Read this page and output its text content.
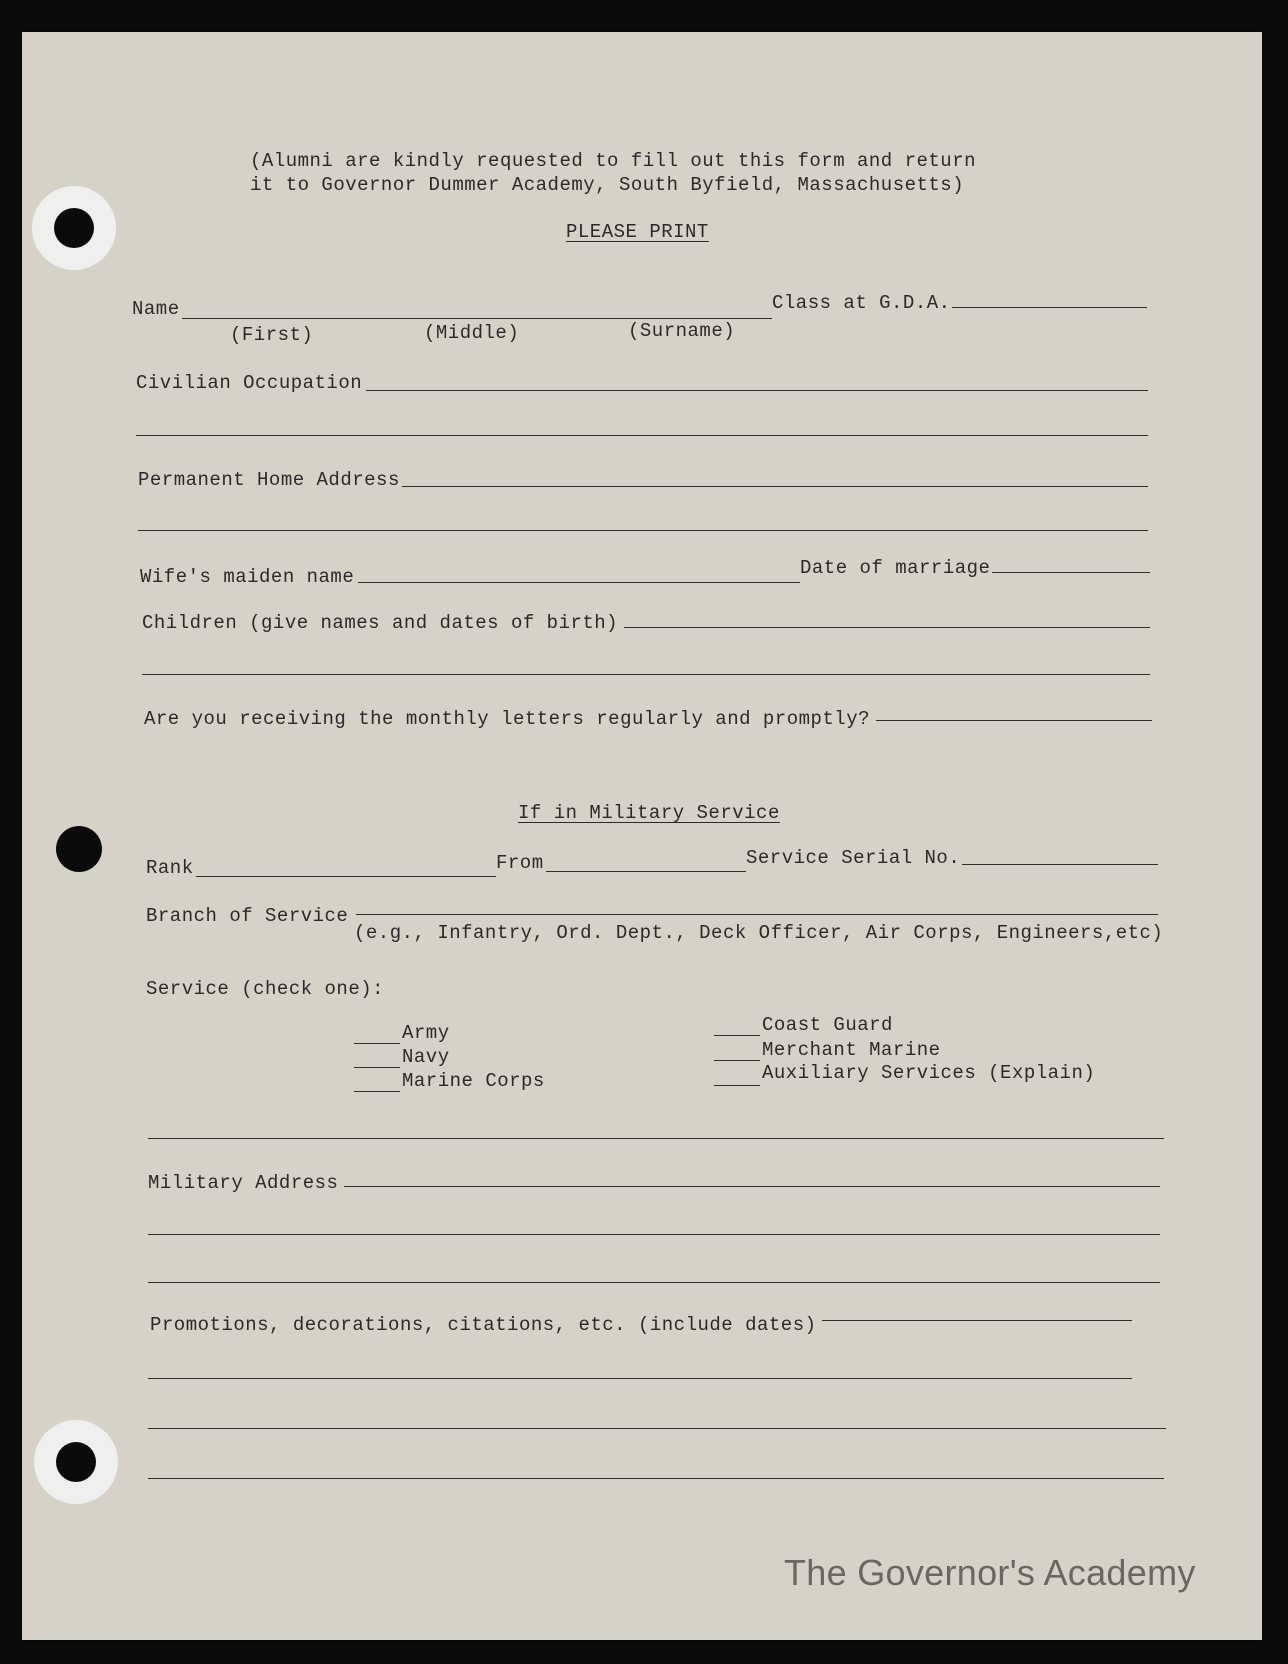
(Alumni are kindly requested to fill out this form and return
it to Governor Dummer Academy, South Byfield, Massachusetts)
PLEASE PRINT
Name	Class at G.D.A.
(First)	(Middle)	(Surname)
Civilian Occupation
Permanent Home Address
Wife's maiden name	Date of marriage
Children (give names and dates of birth)
Are you receiving the monthly letters regularly and promptly?
If in Military Service
Rank	From	Service Serial No.
Branch of Service
(e.g., Infantry, Ord. Dept., Deck Officer, Air Corps, Engineers,etc)
Service (check one):
Army
Navy
Marine Corps
Coast Guard
Merchant Marine
Auxiliary Services (Explain)
Military Address
Promotions, decorations, citations, etc. (include dates)
The Governor's Academy
